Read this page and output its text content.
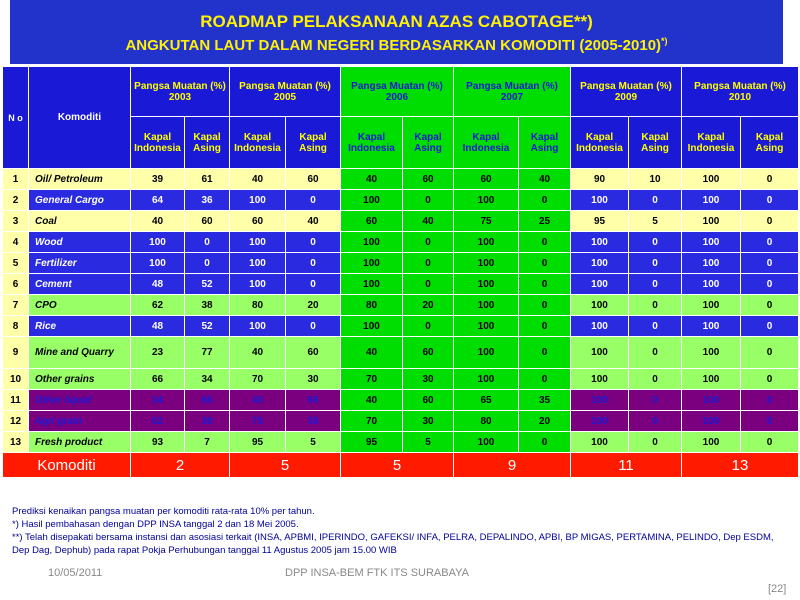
ROADMAP PELAKSANAAN AZAS CABOTAGE**)
ANGKUTAN LAUT DALAM NEGERI BERDASARKAN KOMODITI (2005-2010)*)
N o	Komoditi	Pangsa Muatan (%) 2003		Pangsa Muatan (%) 2005		Pangsa Muatan (%) 2006		Pangsa Muatan (%) 2007		Pangsa Muatan (%) 2009		Pangsa Muatan (%) 2010	
		Kapal Indonesia	Kapal Asing	Kapal Indonesia	Kapal Asing	Kapal Indonesia	Kapal Asing	Kapal Indonesia	Kapal Asing	Kapal Indonesia	Kapal Asing	Kapal Indonesia	Kapal Asing
1	Oil/ Petroleum	39	61	40	60	40	60	60	40	90	10	100	0
2	General Cargo	64	36	100	0	100	0	100	0	100	0	100	0
3	Coal	40	60	60	40	60	40	75	25	95	5	100	0
4	Wood	100	0	100	0	100	0	100	0	100	0	100	0
5	Fertilizer	100	0	100	0	100	0	100	0	100	0	100	0
6	Cement	48	52	100	0	100	0	100	0	100	0	100	0
7	CPO	62	38	80	20	80	20	100	0	100	0	100	0
8	Rice	48	52	100	0	100	0	100	0	100	0	100	0
9	Mine and Quarry	23	77	40	60	40	60	100	0	100	0	100	0
10	Other grains	66	34	70	30	70	30	100	0	100	0	100	0
11	Other liquid	34	66	40	60	40	60	65	35	100	0	100	0
12	Agri grain	62	38	70	30	70	30	80	20	100	0	100	0
13	Fresh product	93	7	95	5	95	5	100	0	100	0	100	0
Komoditi		2		5		5		9		11		13	
Prediksi kenaikan pangsa muatan per komoditi rata-rata 10% per tahun.
*) Hasil pembahasan dengan DPP INSA tanggal 2 dan 18 Mei 2005.
**) Telah disepakati bersama instansi dan asosiasi terkait (INSA, APBMI, IPERINDO, GAFEKSI/ INFA, PELRA, DEPALINDO, APBI, BP MIGAS, PERTAMINA, PELINDO, Dep ESDM, Dep Dag, Dephub) pada rapat Pokja Perhubungan tanggal 11 Agustus 2005 jam 15.00 WIB
10/05/2011	DPP INSA-BEM FTK ITS SURABAYA
[22]
